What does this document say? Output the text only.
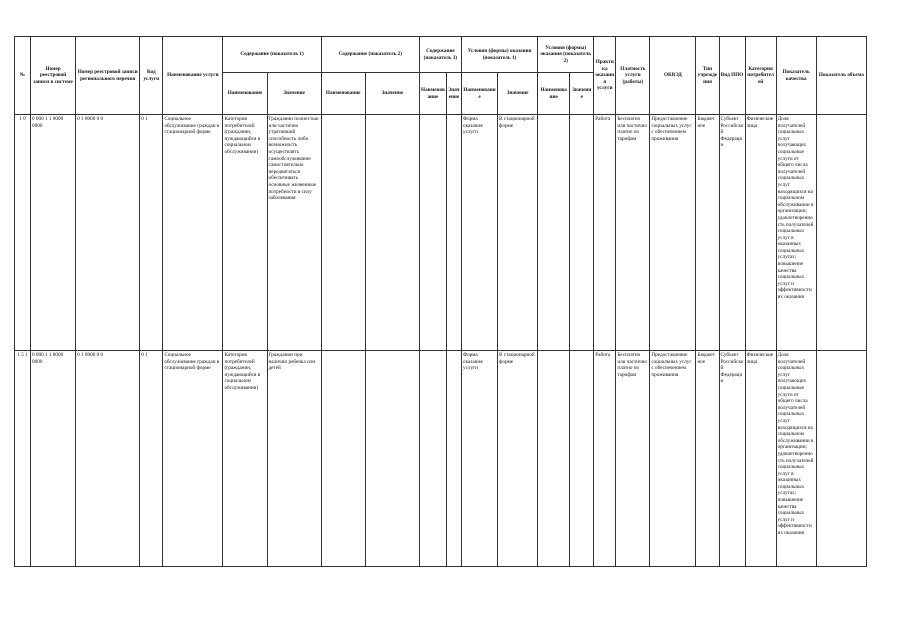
№	Номер реестровой записи в системе	Номер реестровой записи регионального перечня	Код услуги	Наименование услуги	Содержание (показатель 1)		Содержание (показатель 2)		Содержание (показатель 3)		Условия (формы) оказания (показатель 1)		Условия (формы) оказания (показатель 2)		Практика оказания услуги	Платность услуги (работы)	ОКВЭД	Тип учреждения	Вид ППО	Категория потребителей	Показатель качества	Показатель объема
					Наименование	Значение	Наименование	Значение	Наименование	Значение	Наименование	Значение	Наименование	Значение								
1 0	0 000 1 1 0000 0000	0 1 0000 0 0	0 1	Социальное обслуживание граждан в стационарной форме	Категория потребителей (гражданин, нуждающийся в социальном обслуживании)	Гражданин полностью или частично утративший способность либо возможность осуществлять самообслуживание самостоятельно передвигаться обеспечивать основные жизненные потребности в силу заболевания					Форма оказания услуги	В стационарной форме			Работа	Бесплатно или частично платно по тарифам	Предоставление социальных услуг с обеспечением проживания	Бюджетное	Субъект Российской Федерации	Физические лица	Доля получателей социальных услуг получающих социальные услуги от общего числа получателей социальных услуг находящихся на социальном обслуживании в организации; удовлетворенность получателей социальных услуг в оказанных социальных услугах; повышение качества социальных услуг и эффективности их оказания	
1 5 1	0 000 1 1 0000 0000	0 1 0000 0 0	0 1	Социальное обслуживание граждан в стационарной форме	Категория потребителей (гражданин, нуждающийся в социальном обслуживании)	Гражданин при наличии ребенка или детей					Форма оказания услуги	В стационарной форме			Работа	Бесплатно или частично платно по тарифам	Предоставление социальных услуг с обеспечением проживания	Бюджетное	Субъект Российской Федерации	Физические лица	Доля получателей социальных услуг получающих социальные услуги от общего числа получателей социальных услуг находящихся на социальном обслуживании в организации; удовлетворенность получателей социальных услуг в оказанных социальных услугах; повышение качества социальных услуг и эффективности их оказания	
